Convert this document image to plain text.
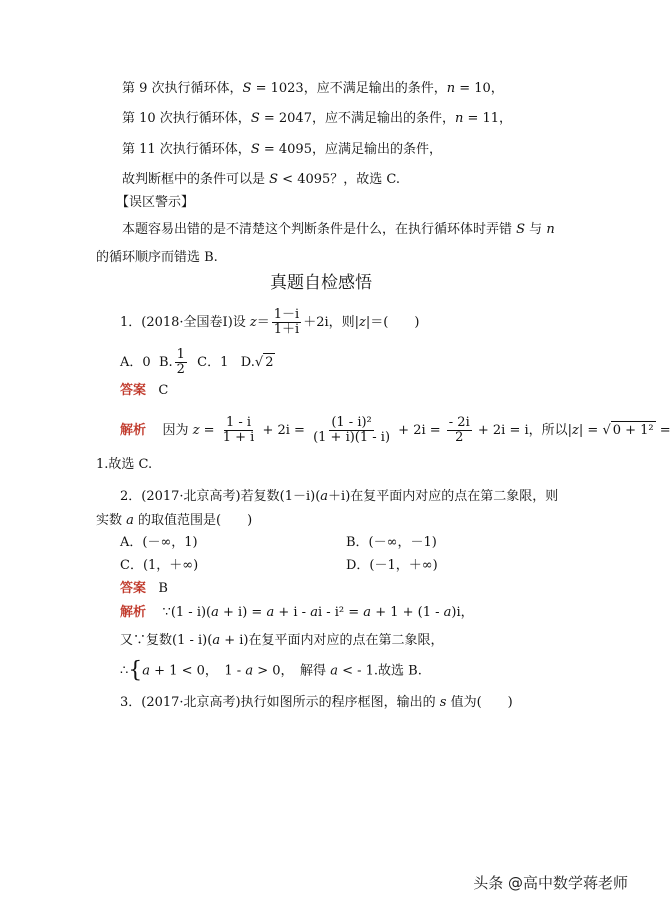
第 9 次执行循环体，S = 1023，应不满足输出的条件，n = 10，
第 10 次执行循环体，S = 2047，应不满足输出的条件，n = 11，
第 11 次执行循环体，S = 4095，应满足输出的条件，
故判断框中的条件可以是 S < 4095？，故选 C.
【误区警示】
本题容易出错的是不清楚这个判断条件是什么，在执行循环体时弄错 S 与 n
的循环顺序而错选 B.
真题自检感悟
1．(2018·全国卷Ⅰ)设 $z= \frac{1-i}{1+i} +2i$，则|z|＝(　　)
A．0 B. $\frac{1}{2}$ C．1 D.√ 2
答案 C
解析 因为 $z = \frac{1 - i}{1 + i} + 2i = \frac{\text{(1 - i)²}}{(1 + i)(1 - i)} + 2i = \frac{- 2i}{2} + 2i = i$，所以|z| = √ 0 + 1² =
1.故选 C.
2．(2017·北京高考)若复数(1－i)(a＋i)在复平面内对应的点在第二象限，则
实数 a 的取值范围是(　　)
A．(－∞，1)	B．(－∞，－1)
C．(1，＋∞)	D．(－1，＋∞)
答案 B
解析 ∵(1 - i)(a + i) = a + i - ai - i² = a + 1 + (1 - a)i，
又∵复数(1 - i)(a + i)在复平面内对应的点在第二象限，
∴{a + 1 < 0，　1 - a > 0，　解得 a < - 1.故选 B.
3．(2017·北京高考)执行如图所示的程序框图，输出的 s 值为(　　)
头条 @高中数学蒋老师
